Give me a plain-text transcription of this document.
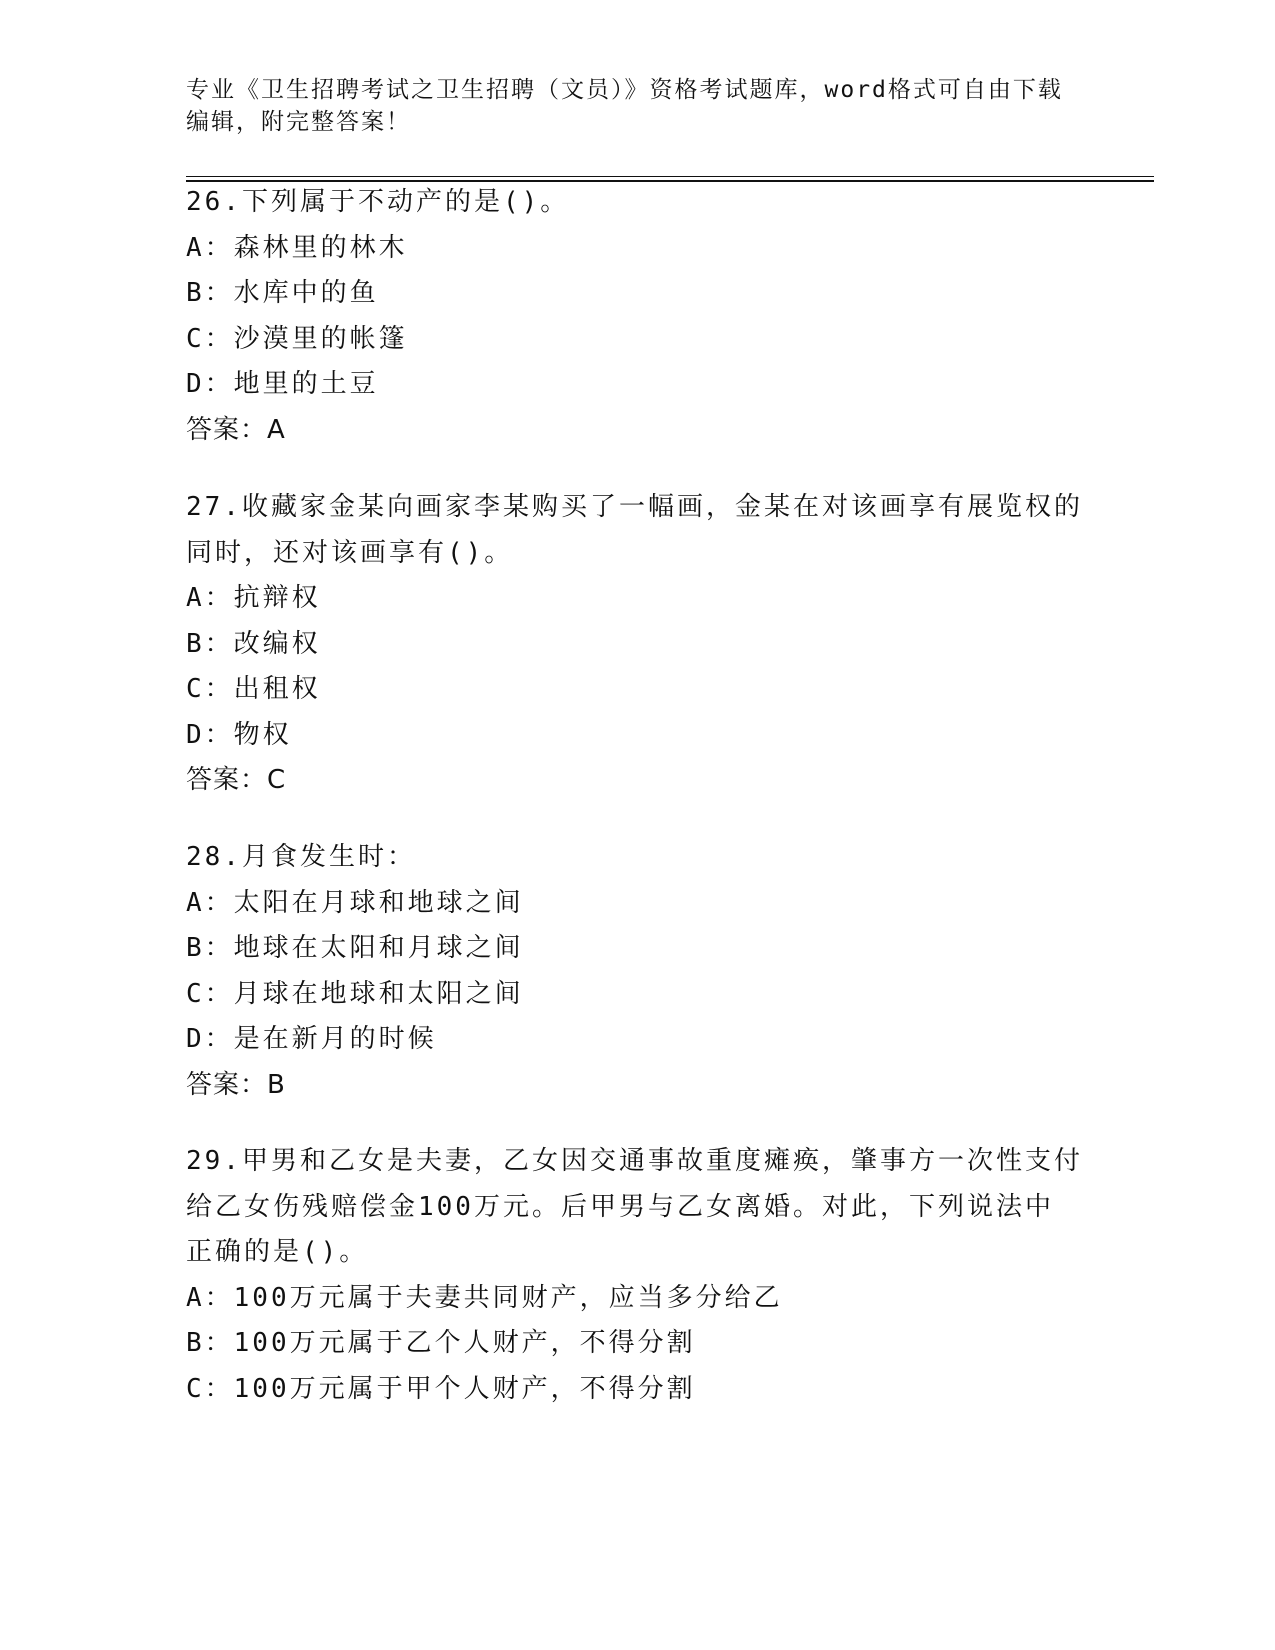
专业《卫生招聘考试之卫生招聘（文员）》资格考试题库，word格式可自由下载
编辑，附完整答案！
26.下列属于不动产的是()。
A：森林里的林木
B：水库中的鱼
C：沙漠里的帐篷
D：地里的土豆
答案：A
27.收藏家金某向画家李某购买了一幅画，金某在对该画享有展览权的
同时，还对该画享有()。
A：抗辩权
B：改编权
C：出租权
D：物权
答案：C
28.月食发生时：
A：太阳在月球和地球之间
B：地球在太阳和月球之间
C：月球在地球和太阳之间
D：是在新月的时候
答案：B
29.甲男和乙女是夫妻，乙女因交通事故重度瘫痪，肇事方一次性支付
给乙女伤残赔偿金100万元。后甲男与乙女离婚。对此，下列说法中
正确的是()。
A：100万元属于夫妻共同财产，应当多分给乙
B：100万元属于乙个人财产，不得分割
C：100万元属于甲个人财产，不得分割
